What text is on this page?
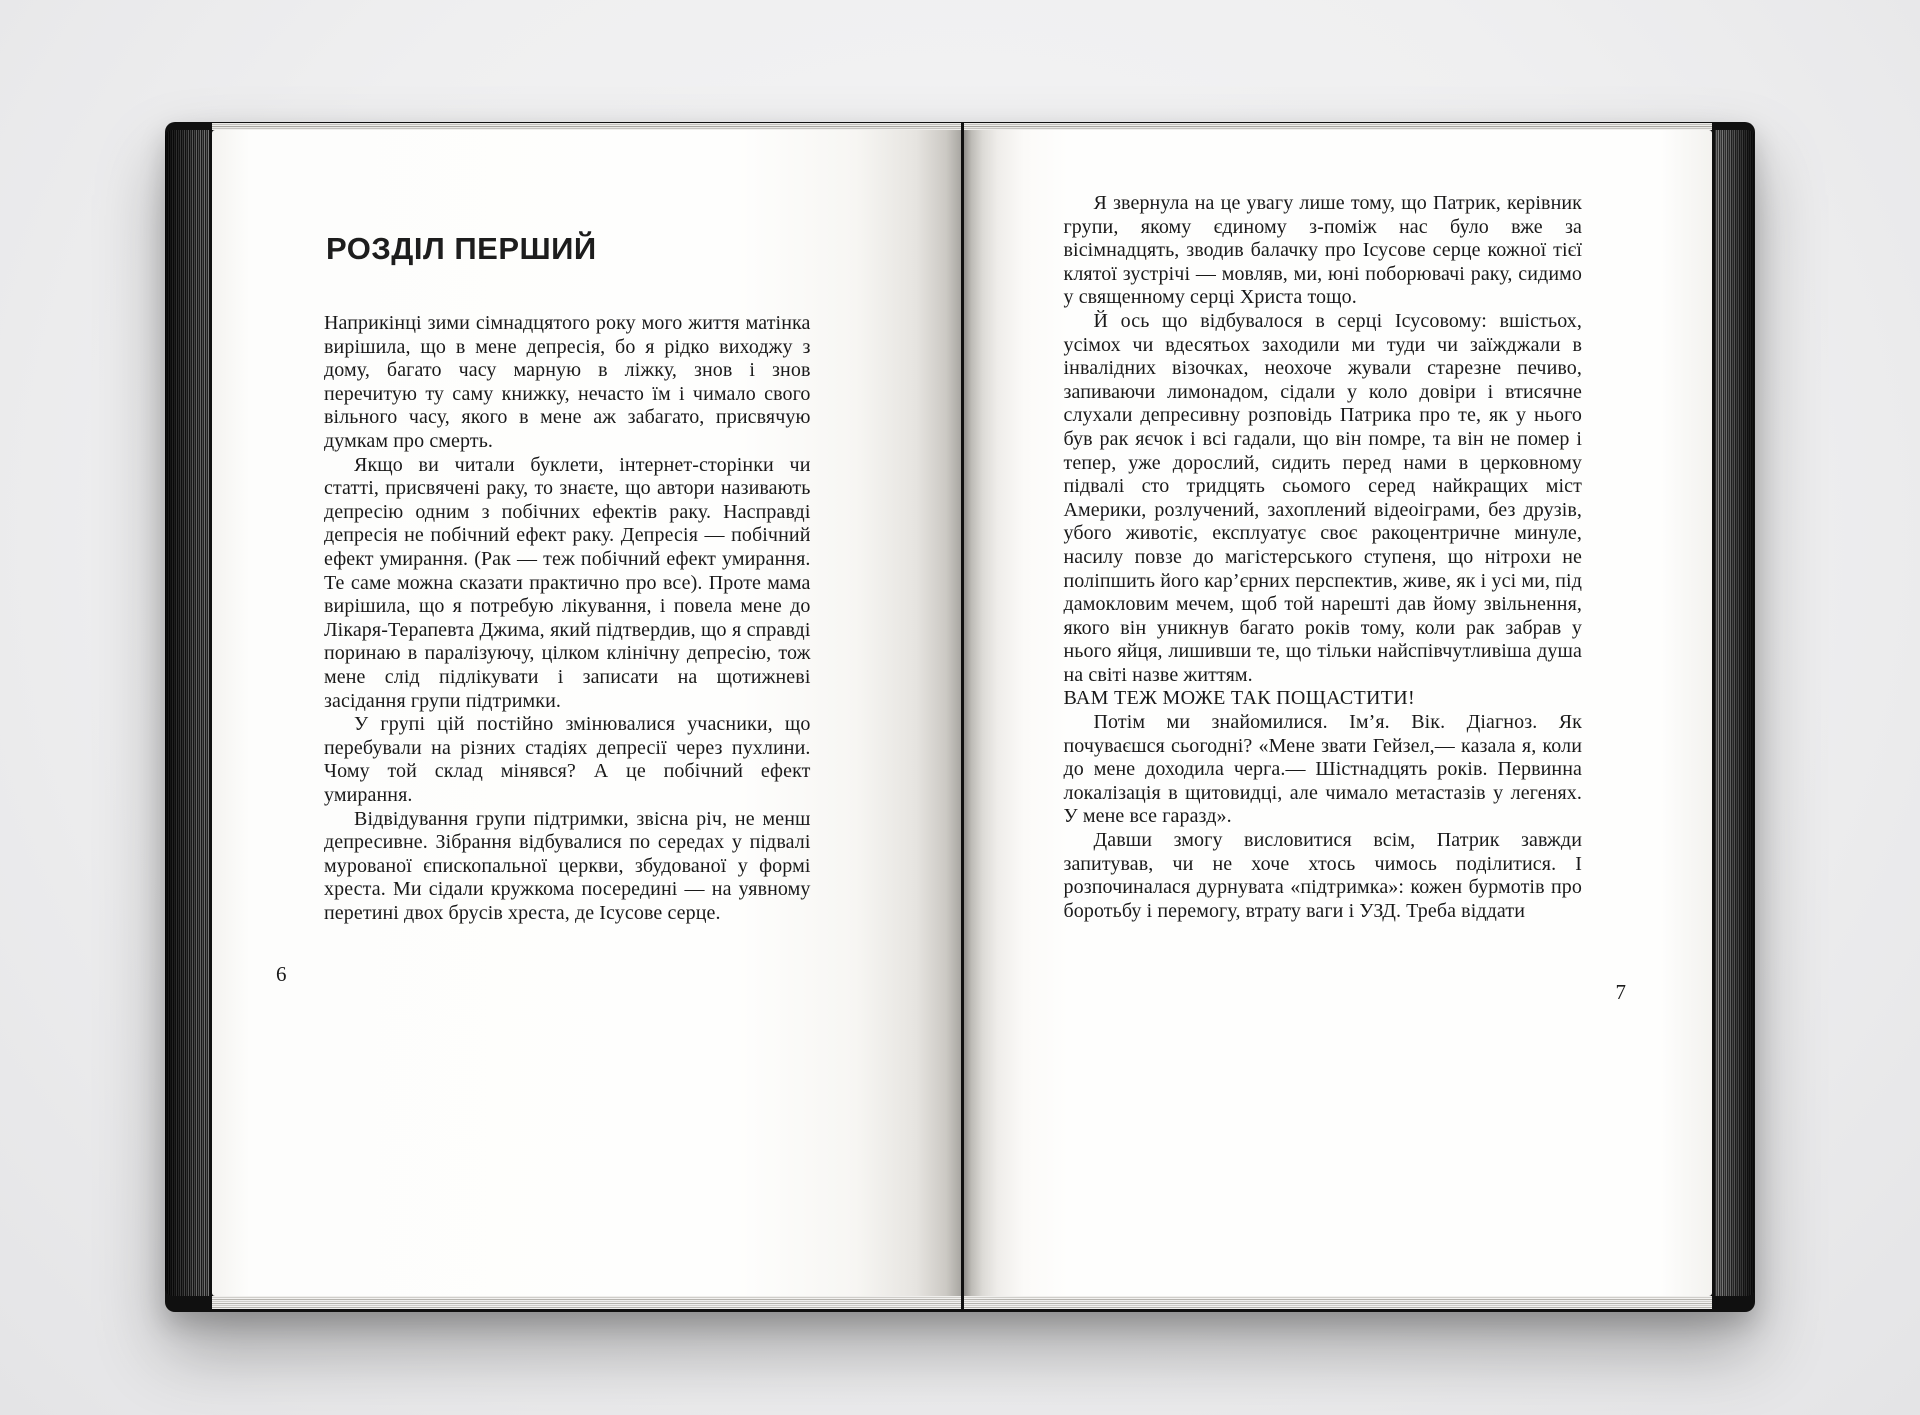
РОЗДІЛ ПЕРШИЙ

Наприкінці зими сімнадцятого року мого життя матінка вирішила, що в мене депресія, бо я рідко виходжу з дому, багато часу марную в ліжку, знов і знов перечитую ту саму книжку, нечасто їм і чимало свого вільного часу, якого в мене аж забагато, присвячую думкам про смерть.

Якщо ви читали буклети, інтернет-сторінки чи статті, присвячені раку, то знаєте, що автори називають депресію одним з побічних ефектів раку. Насправді депресія не побічний ефект раку. Депресія — побічний ефект умирання. (Рак — теж побічний ефект умирання. Те саме можна сказати практично про все). Проте мама вирішила, що я потребую лікування, і повела мене до Лікаря-Терапевта Джима, який підтвердив, що я справді поринаю в паралізуючу, цілком клінічну депресію, тож мене слід підлікувати і записати на щотижневі засідання групи підтримки.

У групі цій постійно змінювалися учасники, що перебували на різних стадіях депресії через пухлини. Чому той склад мінявся? А це побічний ефект умирання.

Відвідування групи підтримки, звісна річ, не менш депресивне. Зібрання відбувалися по середах у підвалі мурованої єпископальної церкви, збудованої у формі хреста. Ми сідали кружкома посередині — на уявному перетині двох брусів хреста, де Ісусове серце.

6

Я звернула на це увагу лише тому, що Патрик, керівник групи, якому єдиному з-поміж нас було вже за вісімнадцять, зводив балачку про Ісусове серце кожної тієї клятої зустрічі — мовляв, ми, юні поборювачі раку, сидимо у священному серці Христа тощо.

Й ось що відбувалося в серці Ісусовому: вшістьох, усімох чи вдесятьох заходили ми туди чи заїжджали в інвалідних візочках, неохоче жували старезне печиво, запиваючи лимонадом, сідали у коло довіри і втисячне слухали депресивну розповідь Патрика про те, як у нього був рак яєчок і всі гадали, що він помре, та він не помер і тепер, уже дорослий, сидить перед нами в церковному підвалі сто тридцять сьомого серед найкращих міст Америки, розлучений, захоплений відеоіграми, без друзів, убого животіє, експлуатує своє ракоцентричне минуле, насилу повзе до магістерського ступеня, що нітрохи не поліпшить його кар’єрних перспектив, живе, як і усі ми, під дамокловим мечем, щоб той нарешті дав йому звільнення, якого він уникнув багато років тому, коли рак забрав у нього яйця, лишивши те, що тільки найспівчутливіша душа на світі назве життям.

ВАМ ТЕЖ МОЖЕ ТАК ПОЩАСТИТИ!

Потім ми знайомилися. Ім’я. Вік. Діагноз. Як почуваєшся сьогодні? «Мене звати Гейзел,— казала я, коли до мене доходила черга.— Шістнадцять років. Первинна локалізація в щитовидці, але чимало метастазів у легенях. У мене все гаразд».

Давши змогу висловитися всім, Патрик завжди запитував, чи не хоче хтось чимось поділитися. І розпочиналася дурнувата «підтримка»: кожен бурмотів про боротьбу і перемогу, втрату ваги і УЗД. Треба віддати

7
